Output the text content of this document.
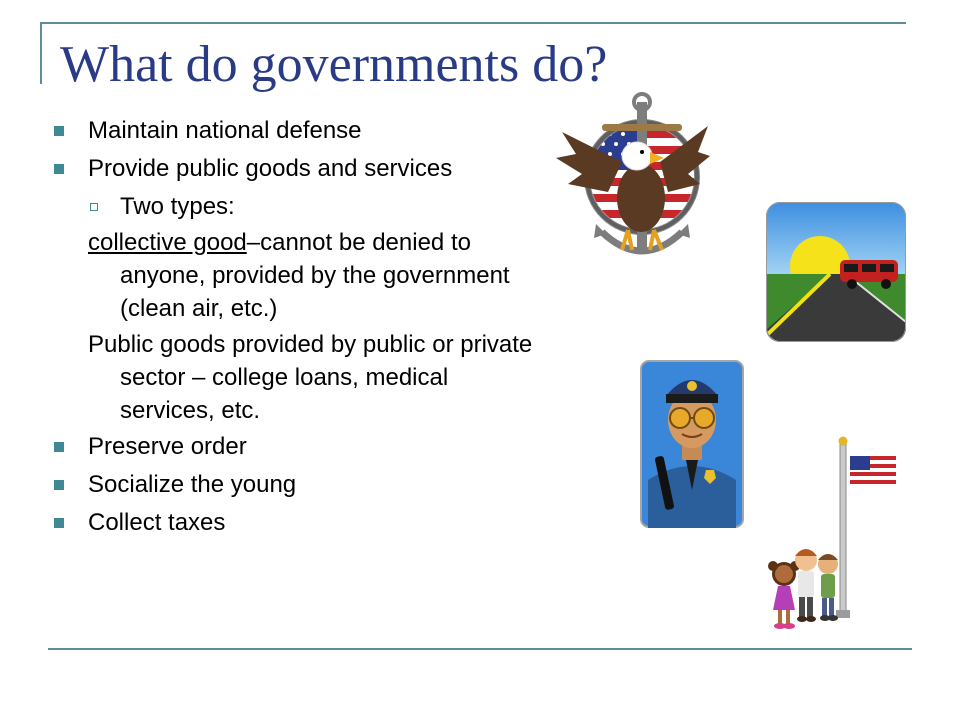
What do governments do?
Maintain national defense
Provide public goods and services
Two types:
collective good–cannot be denied to anyone, provided by the government (clean air, etc.)
Public goods provided by public or private sector – college loans, medical services, etc.
Preserve order
Socialize the young
Collect taxes
